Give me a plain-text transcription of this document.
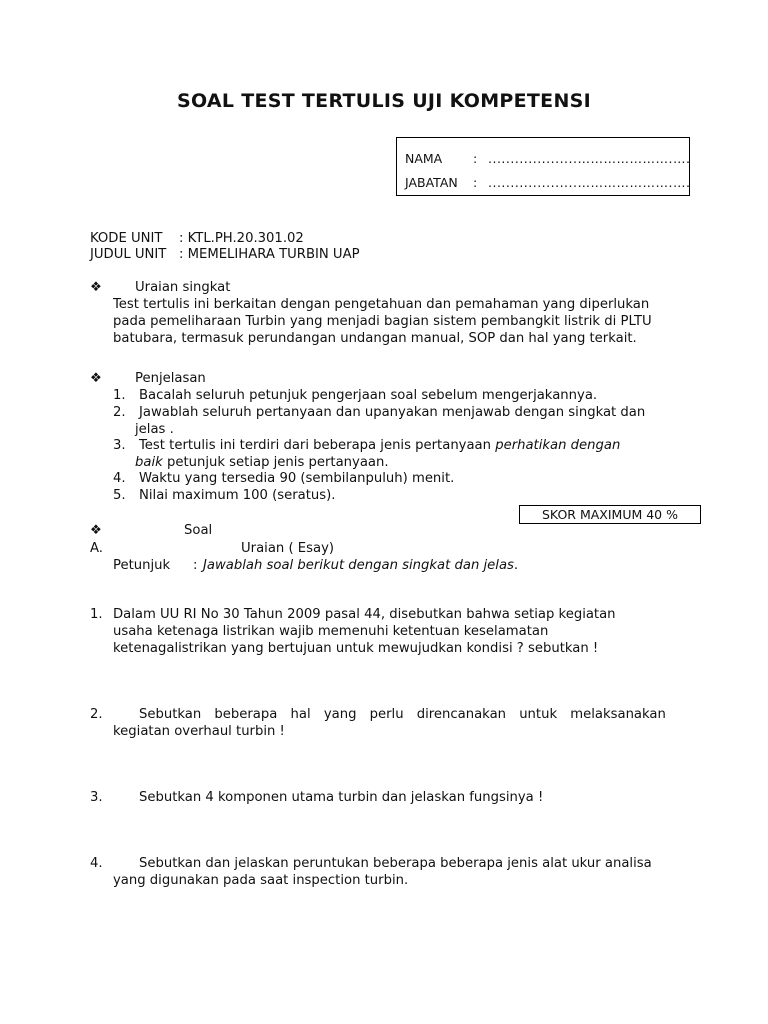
SOAL TEST TERTULIS UJI KOMPETENSI
NAMA : ....................………………….….
JABATAN : ....................………………….….
KODE UNIT : KTL.PH.20.301.02
JUDUL UNIT : MEMELIHARA TURBIN UAP
❖	Uraian singkat
Test tertulis ini berkaitan dengan pengetahuan dan pemahaman yang diperlukan
pada pemeliharaan Turbin yang menjadi bagian sistem pembangkit listrik di PLTU
batubara, termasuk perundangan undangan manual, SOP dan hal yang terkait.
❖	Penjelasan
1. Bacalah seluruh petunjuk pengerjaan soal sebelum mengerjakannya.
2. Jawablah seluruh pertanyaan dan upanyakan menjawab dengan singkat dan
jelas .
3. Test tertulis ini terdiri dari beberapa jenis pertanyaan perhatikan dengan
baik petunjuk setiap jenis pertanyaan.
4. Waktu yang tersedia 90 (sembilanpuluh) menit.
5. Nilai maximum 100 (seratus).
SKOR MAXIMUM 40 %
❖	Soal
A.	Uraian ( Esay)
Petunjuk : Jawablah soal berikut dengan singkat dan jelas.
1. Dalam UU RI No 30 Tahun 2009 pasal 44, disebutkan bahwa setiap kegiatan
usaha ketenaga listrikan wajib memenuhi ketentuan keselamatan
ketenagalistrikan yang bertujuan untuk mewujudkan kondisi ? sebutkan !
2.	Sebutkan beberapa hal yang perlu direncanakan untuk melaksanakan
kegiatan overhaul turbin !
3.	Sebutkan 4 komponen utama turbin dan jelaskan fungsinya !
4.	Sebutkan dan jelaskan peruntukan beberapa beberapa jenis alat ukur analisa
yang digunakan pada saat inspection turbin.
